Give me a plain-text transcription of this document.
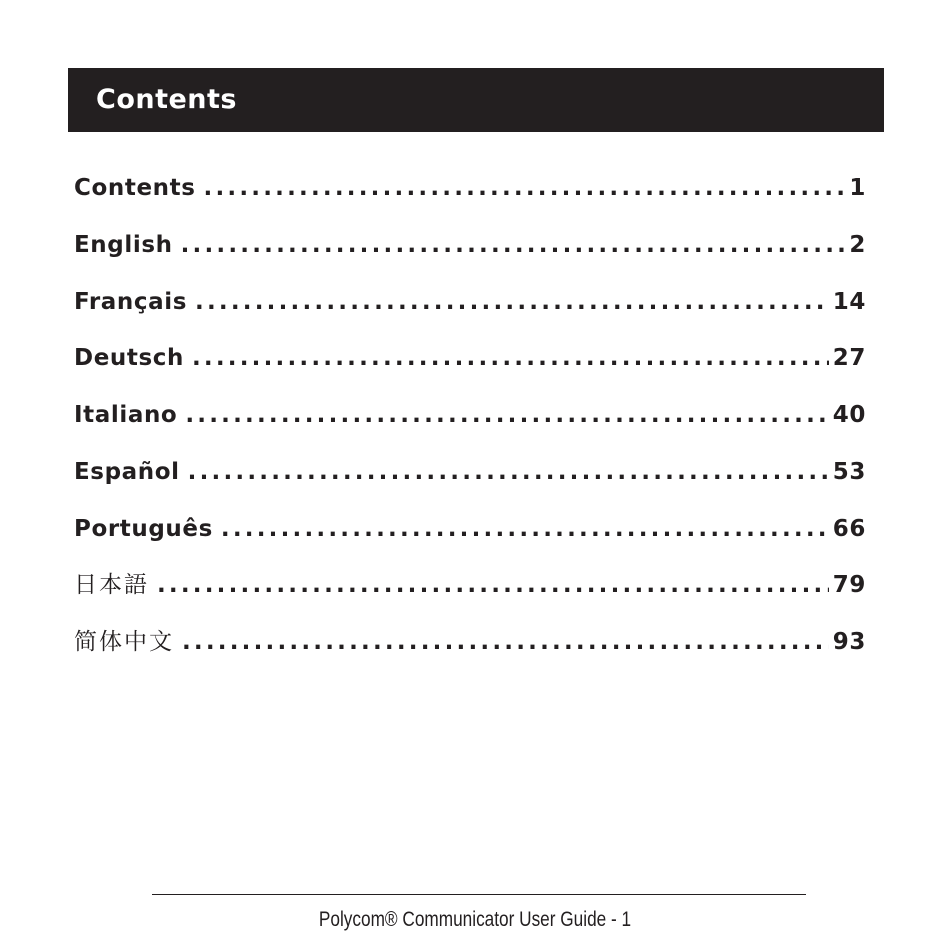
Contents
Contents .....	1
English .....	2
Français .....	14
Deutsch .....	27
Italiano .....	40
Español .....	53
Português .....	66
日本語 .....	79
简体中文 .....	93
Polycom® Communicator User Guide - 1
